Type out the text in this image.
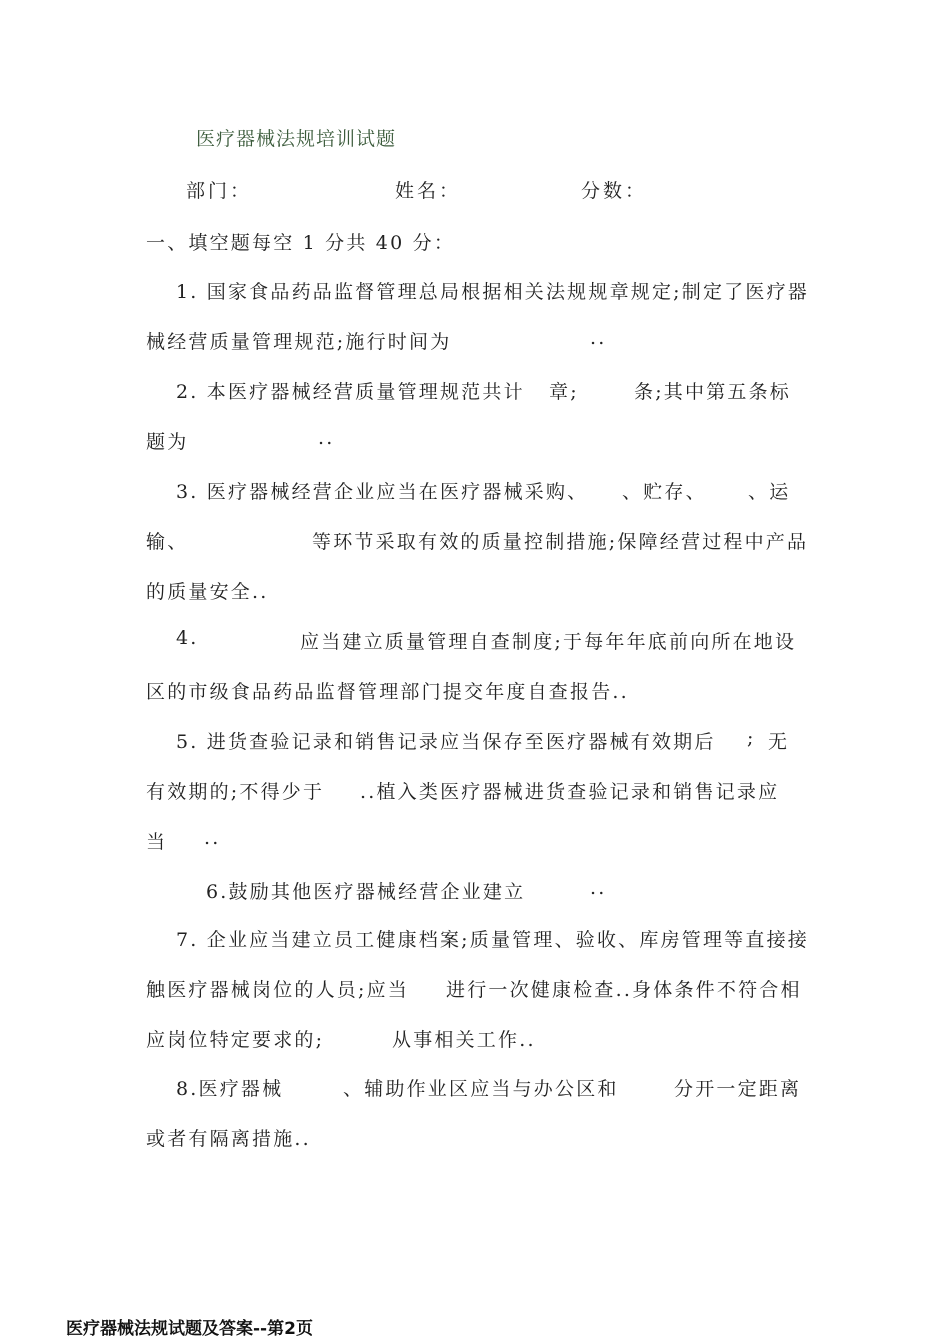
医疗器械法规培训试题
部门：	姓名：	分数：
一、填空题每空 1 分共 40 分：
1. 国家食品药品监督管理总局根据相关法规规章规定;制定了医疗器
械经营质量管理规范;施行时间为	..
2. 本医疗器械经营质量管理规范共计 章;	条;其中第五条标
题为	..
3. 医疗器械经营企业应当在医疗器械采购、 、贮存、 、运
输、	等环节采取有效的质量控制措施;保障经营过程中产品
的质量安全..
4.	应当建立质量管理自查制度;于每年年底前向所在地设
区的市级食品药品监督管理部门提交年度自查报告..
5. 进货查验记录和销售记录应当保存至医疗器械有效期后 ; 无
有效期的;不得少于 ..植入类医疗器械进货查验记录和销售记录应
当 ..
6.鼓励其他医疗器械经营企业建立	..
7. 企业应当建立员工健康档案;质量管理、验收、库房管理等直接接
触医疗器械岗位的人员;应当 进行一次健康检查..身体条件不符合相
应岗位特定要求的;	从事相关工作..
8.医疗器械	、辅助作业区应当与办公区和	分开一定距离
或者有隔离措施..
医疗器械法规试题及答案--第2页
